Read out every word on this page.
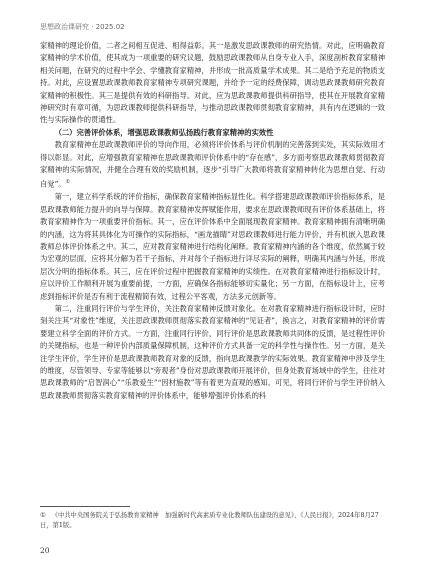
思想政治课研究 · 2025.02

家精神的理论价值，二者之间相互促进、相得益彰。其一是激发思政课教师的研究热情。对此，应明确教育家精神的学术价值，使其成为一项重要的研究议题，鼓励思政课教师从自身专业入手，深度剖析教育家精神相关问题，在研究的过程中学会、学懂教育家精神，并形成一批高质量学术成果。其二是给予充足的物质支持。对此，应设置思政课教师教育家精神专项研究课题，并给予一定的经费保障，调动思政课教师研究教育家精神的积极性。其三是提供有效的科研指导。对此，应为思政课教师提供科研指导，使其在开展教育家精神研究时有章可循，为思政课教师提供科研指导，与推动思政课教师贯彻教育家精神，具有内在逻辑的一致性与实际操作的贯通性。

（二）完善评价体系，增强思政课教师弘扬践行教育家精神的实效性

教育家精神在思政课教师评价的导向作用，必须将评价体系与评价机制的完善落到实处，其实际效用才得以彰显。对此，应增强教育家精神在思政课教师评价体系中的“存在感”，多方面考察思政课教师贯彻教育家精神的实际情况，并健全合理有效的奖励机制，逐步“引导广大教师将教育家精神转化为思想自觉、行动自觉”。①

第一，建立科学系统的评价指标，确保教育家精神指标显性化。科学搭建思政课教师评价指标体系，是思政课教师能力提升的向导与保障。教育家精神发挥赋能作用，要求在思政课教师现有评价体系基础上，将教育家精神作为一项重要评价指标。其一，应在评价体系中全面展现教育家精神。教育家精神拥有清晰明确的内涵，这为将其具体化为可操作的实际指标，“画龙描睛”对思政课教师进行能力评价，并有机嵌入思政课教师总体评价体系之中。其二，应对教育家精神进行结构化阐释。教育家精神内涵的各个维度，依然属于较为宏观的层面，应将其分解为若干子指标，并对每个子指标进行详尽实际的阐释，明确其内涵与外延，形成层次分明的指标体系。其三，应在评价过程中把握教育家精神的实绩性。在对教育家精神进行指标设计时，应以评价工作顺利开展为重要前提，一方面，应确保各指标能够切实量化；另一方面，在指标设计上，应考虑到指标评价是否有利于流程精简有效，过程公平客观，方法多元创新等。

第二，注重同行评价与学生评价，关注教育家精神反馈对象化。在对教育家精神进行指标设计时，应时刻关注其“对象性”维度，关注思政课教师贯彻落实教育家精神的“见证者”，换言之，对教育家精神的评价需要建立科学全面的评价方式。一方面，注重同行评价，同行评价是思政课教师共同体的反馈，是过程性评价的关键指标，也是一种评价内部质量保障机制，这种评价方式具备一定的科学性与操作性。另一方面，是关注学生评价，学生评价是思政课教师教育对象的反馈，指向思政课教学的实际效果。教育家精神中涉及学生的维度，尽管领导、专家等能够以“旁观者”身份对思政课教师开展评价，但身处教育场域中的学生，往往对思政课教师的“启智润心”“乐教爱生”“因材施教”等有着更为直观的感知。可见，将同行评价与学生评价纳入思政课教师贯彻落实教育家精神的评价体系中，能够增强评价体系的科

① 《中共中央国务院关于弘扬教育家精神　加强新时代高素质专业化教师队伍建设的意见》，《人民日报》，2024年8月27日，第1版。
20
